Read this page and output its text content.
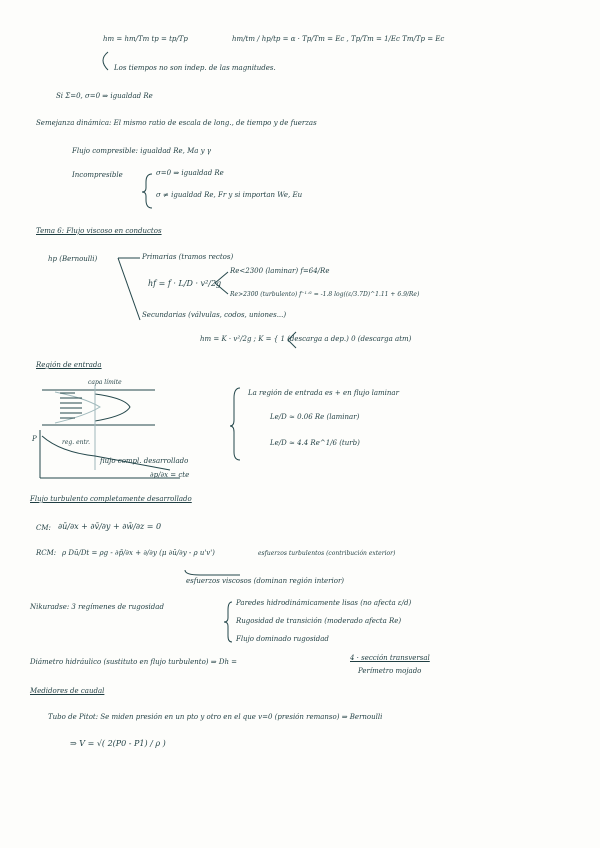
hm = hm/Tm tp = tp/Tp	hm/tm / hp/tp = α · Tp/Tm = Ec , Tp/Tm = 1/Ec Tm/Tp = Ec
Los tiempos no son indep. de las magnitudes.
Si Σ=0, σ=0 ⇒ igualdad Re
Semejanza dinámica: El mismo ratio de escala de long., de tiempo y de fuerzas
Flujo compresible: igualdad Re, Ma y γ
Incompresible	σ=0 ⇒ igualdad Re
σ ≠ igualdad Re, Fr y si importan We, Eu
Tema 6: Flujo viscoso en conductos
hp (Bernoulli)	Primarias (tramos rectos)
hf = f · L/D · v²/2g
Re<2300 (laminar) f=64/Re
Re>2300 (turbulento) f⁻¹ᐟ² = -1.8 log((ε/3.7D)^1.11 + 6.9/Re)
Secundarias (válvulas, codos, uniones...)
hm = K · v²/2g ; K = { 1 (descarga a dep.) 0 (descarga atm)
Región de entrada
capa límite
reg. entr.
flujo compl. desarrollado
∂p/∂x = cte
P
La región de entrada es + en flujo laminar
Le/D ≈ 0.06 Re (laminar)
Le/D ≈ 4.4 Re^1/6 (turb)
Flujo turbulento completamente desarrollado
CM: ∂ū/∂x + ∂v̄/∂y + ∂w̄/∂z = 0
RCM: ρ Dū/Dt = ρg - ∂p̄/∂x + ∂/∂y (μ ∂ū/∂y - ρ u'v')	esfuerzos turbulentos (contribución exterior)
esfuerzos viscosos (dominan región interior)
Nikuradse: 3 regímenes de rugosidad	Paredes hidrodinámicamente lisas (no afecta ε/d)
Rugosidad de transición (moderado afecta Re)
Flujo dominado rugosidad
Diámetro hidráulico (sustituto en flujo turbulento) ⇒ Dh =	4 · sección transversal
Perímetro mojado
Medidores de caudal
Tubo de Pitot: Se miden presión en un pto y otro en el que v=0 (presión remanso) ⇒ Bernoulli
⇒ V = √( 2(P0 - P1) / ρ )
